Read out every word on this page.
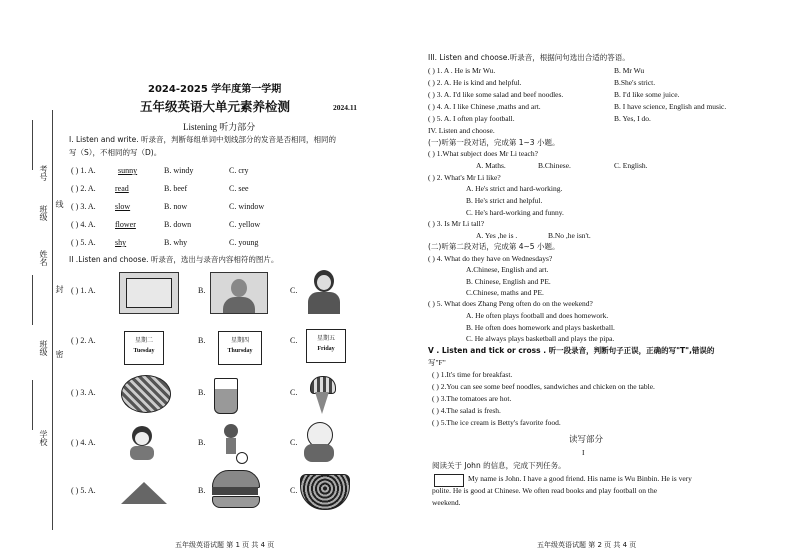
考号
班级
姓名
班级
学校
线
封
密
2024-2025 学年度第一学期
五年级英语大单元素养检测	2024.11
Listening 听力部分
I. Listen and write. 听录音，判断每组单词中划线部分的发音是否相同，相同的
写（S），不相同的写（D)。
( ) 1. A.	sunny	B. windy	C. cry
( ) 2. A. read	B. beef	C. see
( ) 3. A. slow	B. now	C. window
( ) 4. A. flower	B. down	C. yellow
( ) 5. A. shy	B. why	C. young
II .Listen and choose. 听录音，选出与录音内容相符的图片。
( ) 1. A.	B.	C.
( ) 2. A.	星期二
Tuesday
B.	星期四
Thursday
C.	星期五
Friday
( ) 3. A.	B.	C.
( ) 4. A.	B.	C.
( ) 5. A.	B.	C.
五年级英语试题 第 1 页 共 4 页
III. Listen and choose.听录音，根据问句选出合适的答语。
( ) 1. A . He is Mr Wu.	B. Mr Wu
( ) 2. A. He is kind and helpful.	B.She's strict.
( ) 3. A. I'd like some salad and beef noodles.	B. I'd like some juice.
( ) 4. A. I like Chinese ,maths and art.	B. I have science, English and music.
( ) 5. A. I often play football.	B. Yes, I do.
IV. Listen and choose.
(一)听第一段对话，完成第 1~3 小题。
( ) 1.What subject does Mr Li teach?
A. Maths.	B.Chinese.	C. English.
( ) 2. What's Mr Li like?
A. He's strict and hard-working.
B. He's strict and helpful.
C. He's hard-working and funny.
( ) 3. Is Mr Li tall?
A. Yes ,he is .	B.No ,he isn't.
(二)听第二段对话，完成第 4~5 小题。
( ) 4. What do they have on Wednesdays?
A.Chinese, English and art.
B. Chinese, English and PE.
C.Chinese, maths and PE.
( ) 5. What does Zhang Peng often do on the weekend?
A. He often plays football and does homework.
B. He often does homework and plays basketball.
C. He always plays basketball and plays the pipa.
V . Listen and tick or cross . 听一段录音，判断句子正误，正确的写"T",错误的
写"F"
( ) 1.It's time for breakfast.
( ) 2.You can see some beef noodles, sandwiches and chicken on the table.
( ) 3.The tomatoes are hot.
( ) 4.The salad is fresh.
( ) 5.The ice cream is Betty's favorite food.
读写部分
I
阅读关于 John 的信息，完成下列任务。
My name is John. I have a good friend. His name is Wu Binbin. He is very
polite. He is good at Chinese. We often read books and play football on the
weekend.
五年级英语试题 第 2 页 共 4 页
